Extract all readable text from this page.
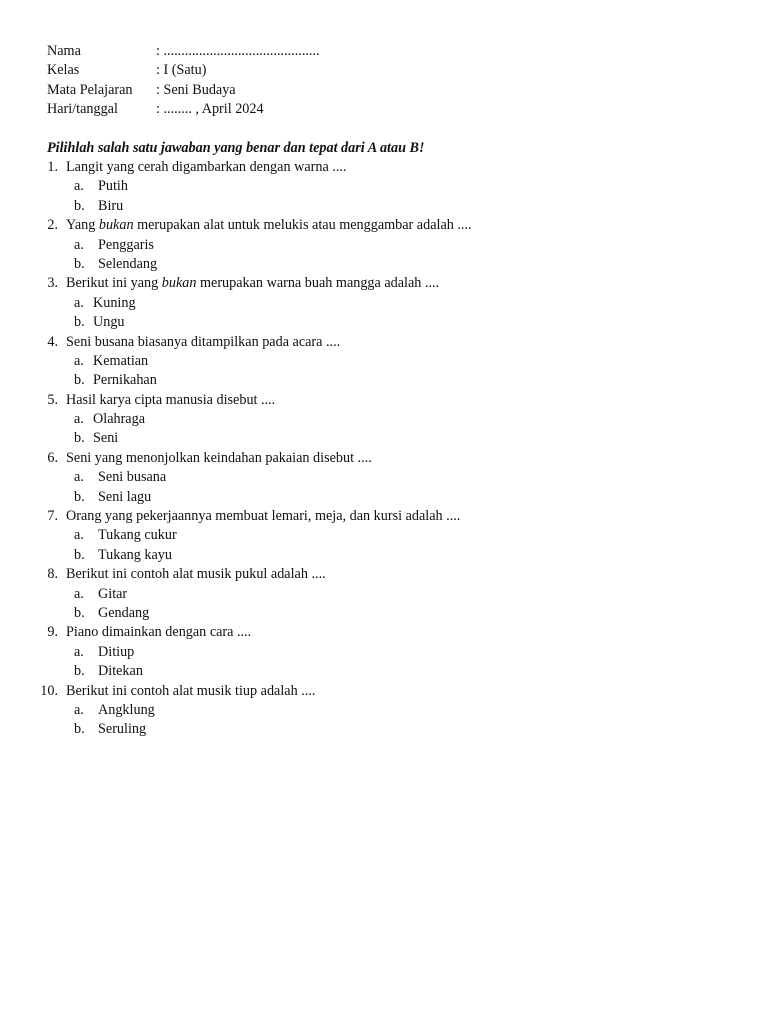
Nama	: ............................................
Kelas	: I (Satu)
Mata Pelajaran	: Seni Budaya
Hari/tanggal	: ........ , April 2024
Pilihlah salah satu jawaban yang benar dan tepat dari A atau B!
1. Langit yang cerah digambarkan dengan warna ....
a. Putih
b. Biru
2. Yang bukan merupakan alat untuk melukis atau menggambar adalah ....
a. Penggaris
b. Selendang
3. Berikut ini yang bukan merupakan warna buah mangga adalah ....
a. Kuning
b. Ungu
4. Seni busana biasanya ditampilkan pada acara ....
a. Kematian
b. Pernikahan
5. Hasil karya cipta manusia disebut ....
a. Olahraga
b. Seni
6. Seni yang menonjolkan keindahan pakaian disebut ....
a. Seni busana
b. Seni lagu
7. Orang yang pekerjaannya membuat lemari, meja, dan kursi adalah ....
a. Tukang cukur
b. Tukang kayu
8. Berikut ini contoh alat musik pukul adalah ....
a. Gitar
b. Gendang
9. Piano dimainkan dengan cara ....
a. Ditiup
b. Ditekan
10. Berikut ini contoh alat musik tiup adalah ....
a. Angklung
b. Seruling
